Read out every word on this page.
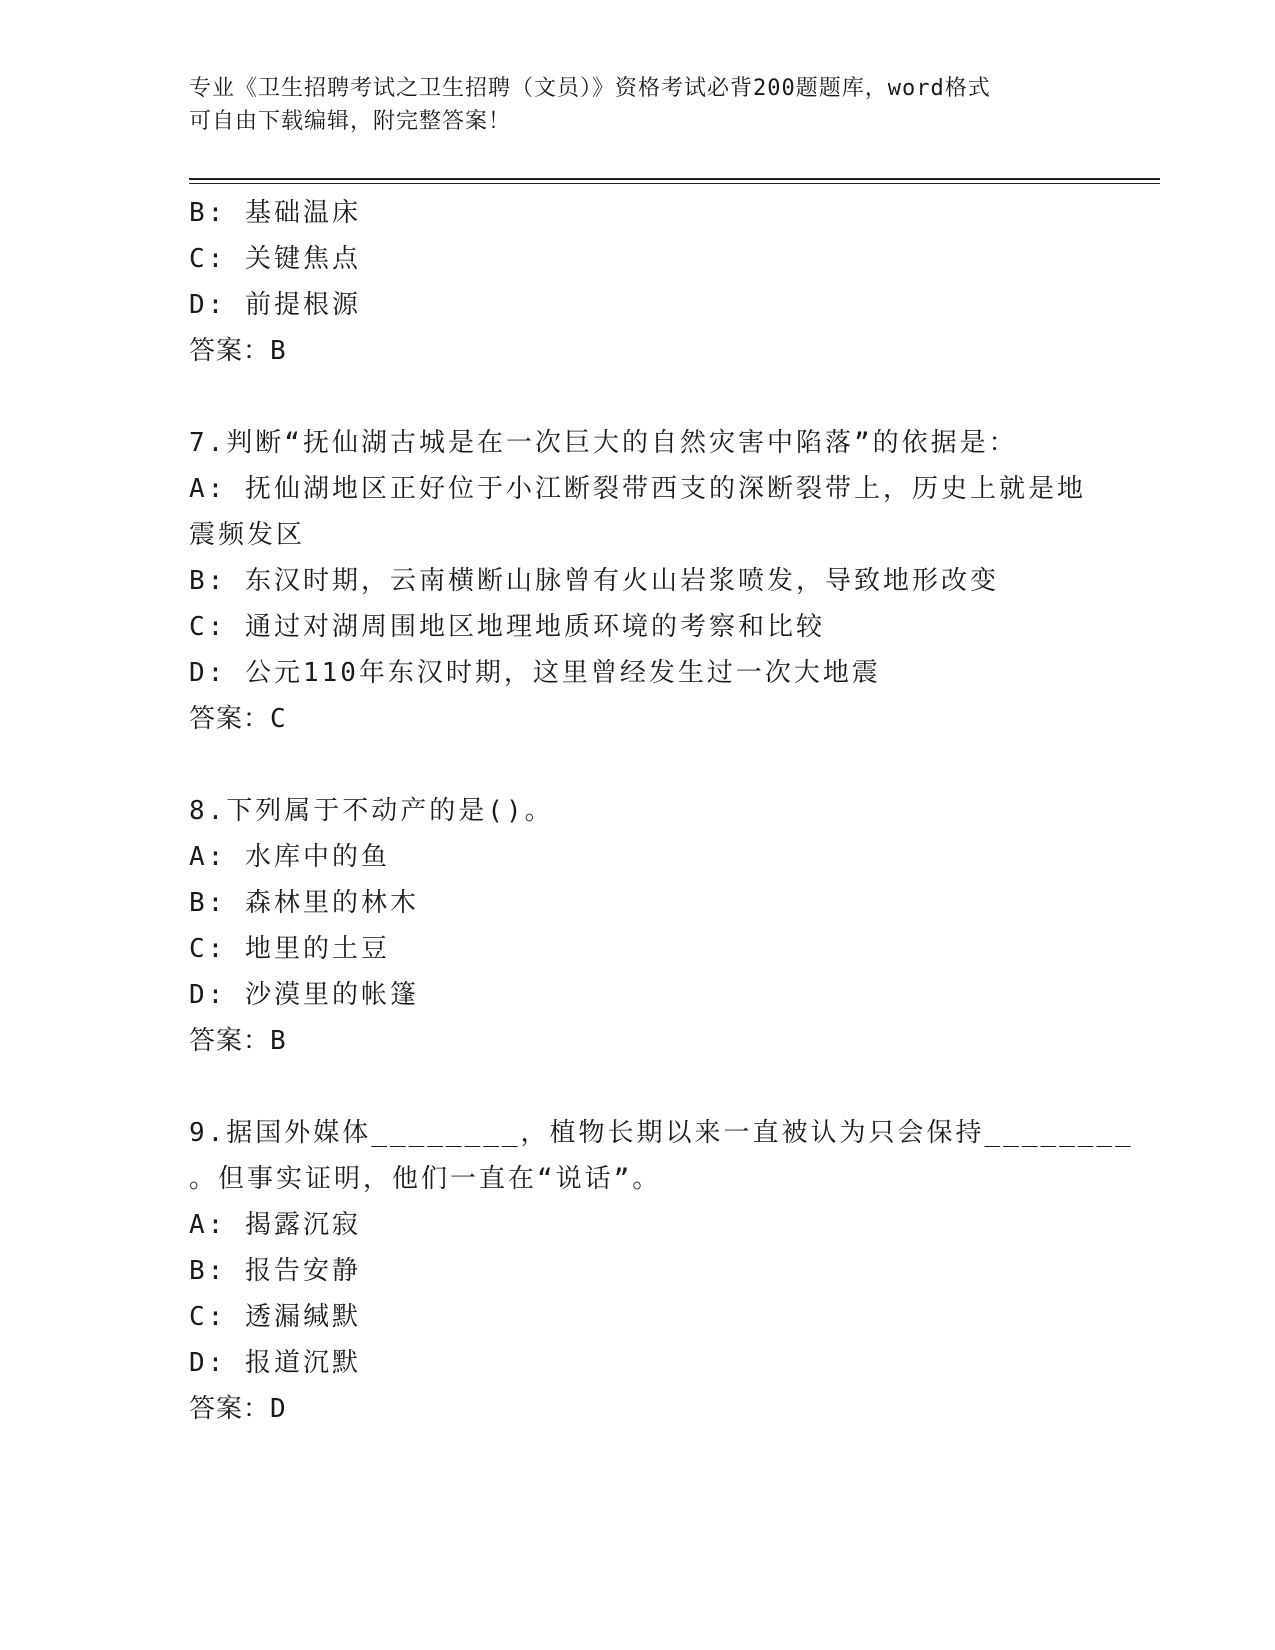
专业《卫生招聘考试之卫生招聘（文员）》资格考试必背200题题库，word格式
可自由下载编辑，附完整答案！
B: 基础温床
C: 关键焦点
D: 前提根源
答案：B
7.判断“抚仙湖古城是在一次巨大的自然灾害中陷落”的依据是：
A: 抚仙湖地区正好位于小江断裂带西支的深断裂带上，历史上就是地
震频发区
B: 东汉时期，云南横断山脉曾有火山岩浆喷发，导致地形改变
C: 通过对湖周围地区地理地质环境的考察和比较
D: 公元110年东汉时期，这里曾经发生过一次大地震
答案：C
8.下列属于不动产的是()。
A: 水库中的鱼
B: 森林里的林木
C: 地里的土豆
D: 沙漠里的帐篷
答案：B
9.据国外媒体________，植物长期以来一直被认为只会保持________
。但事实证明，他们一直在“说话”。
A: 揭露沉寂
B: 报告安静
C: 透漏缄默
D: 报道沉默
答案：D
